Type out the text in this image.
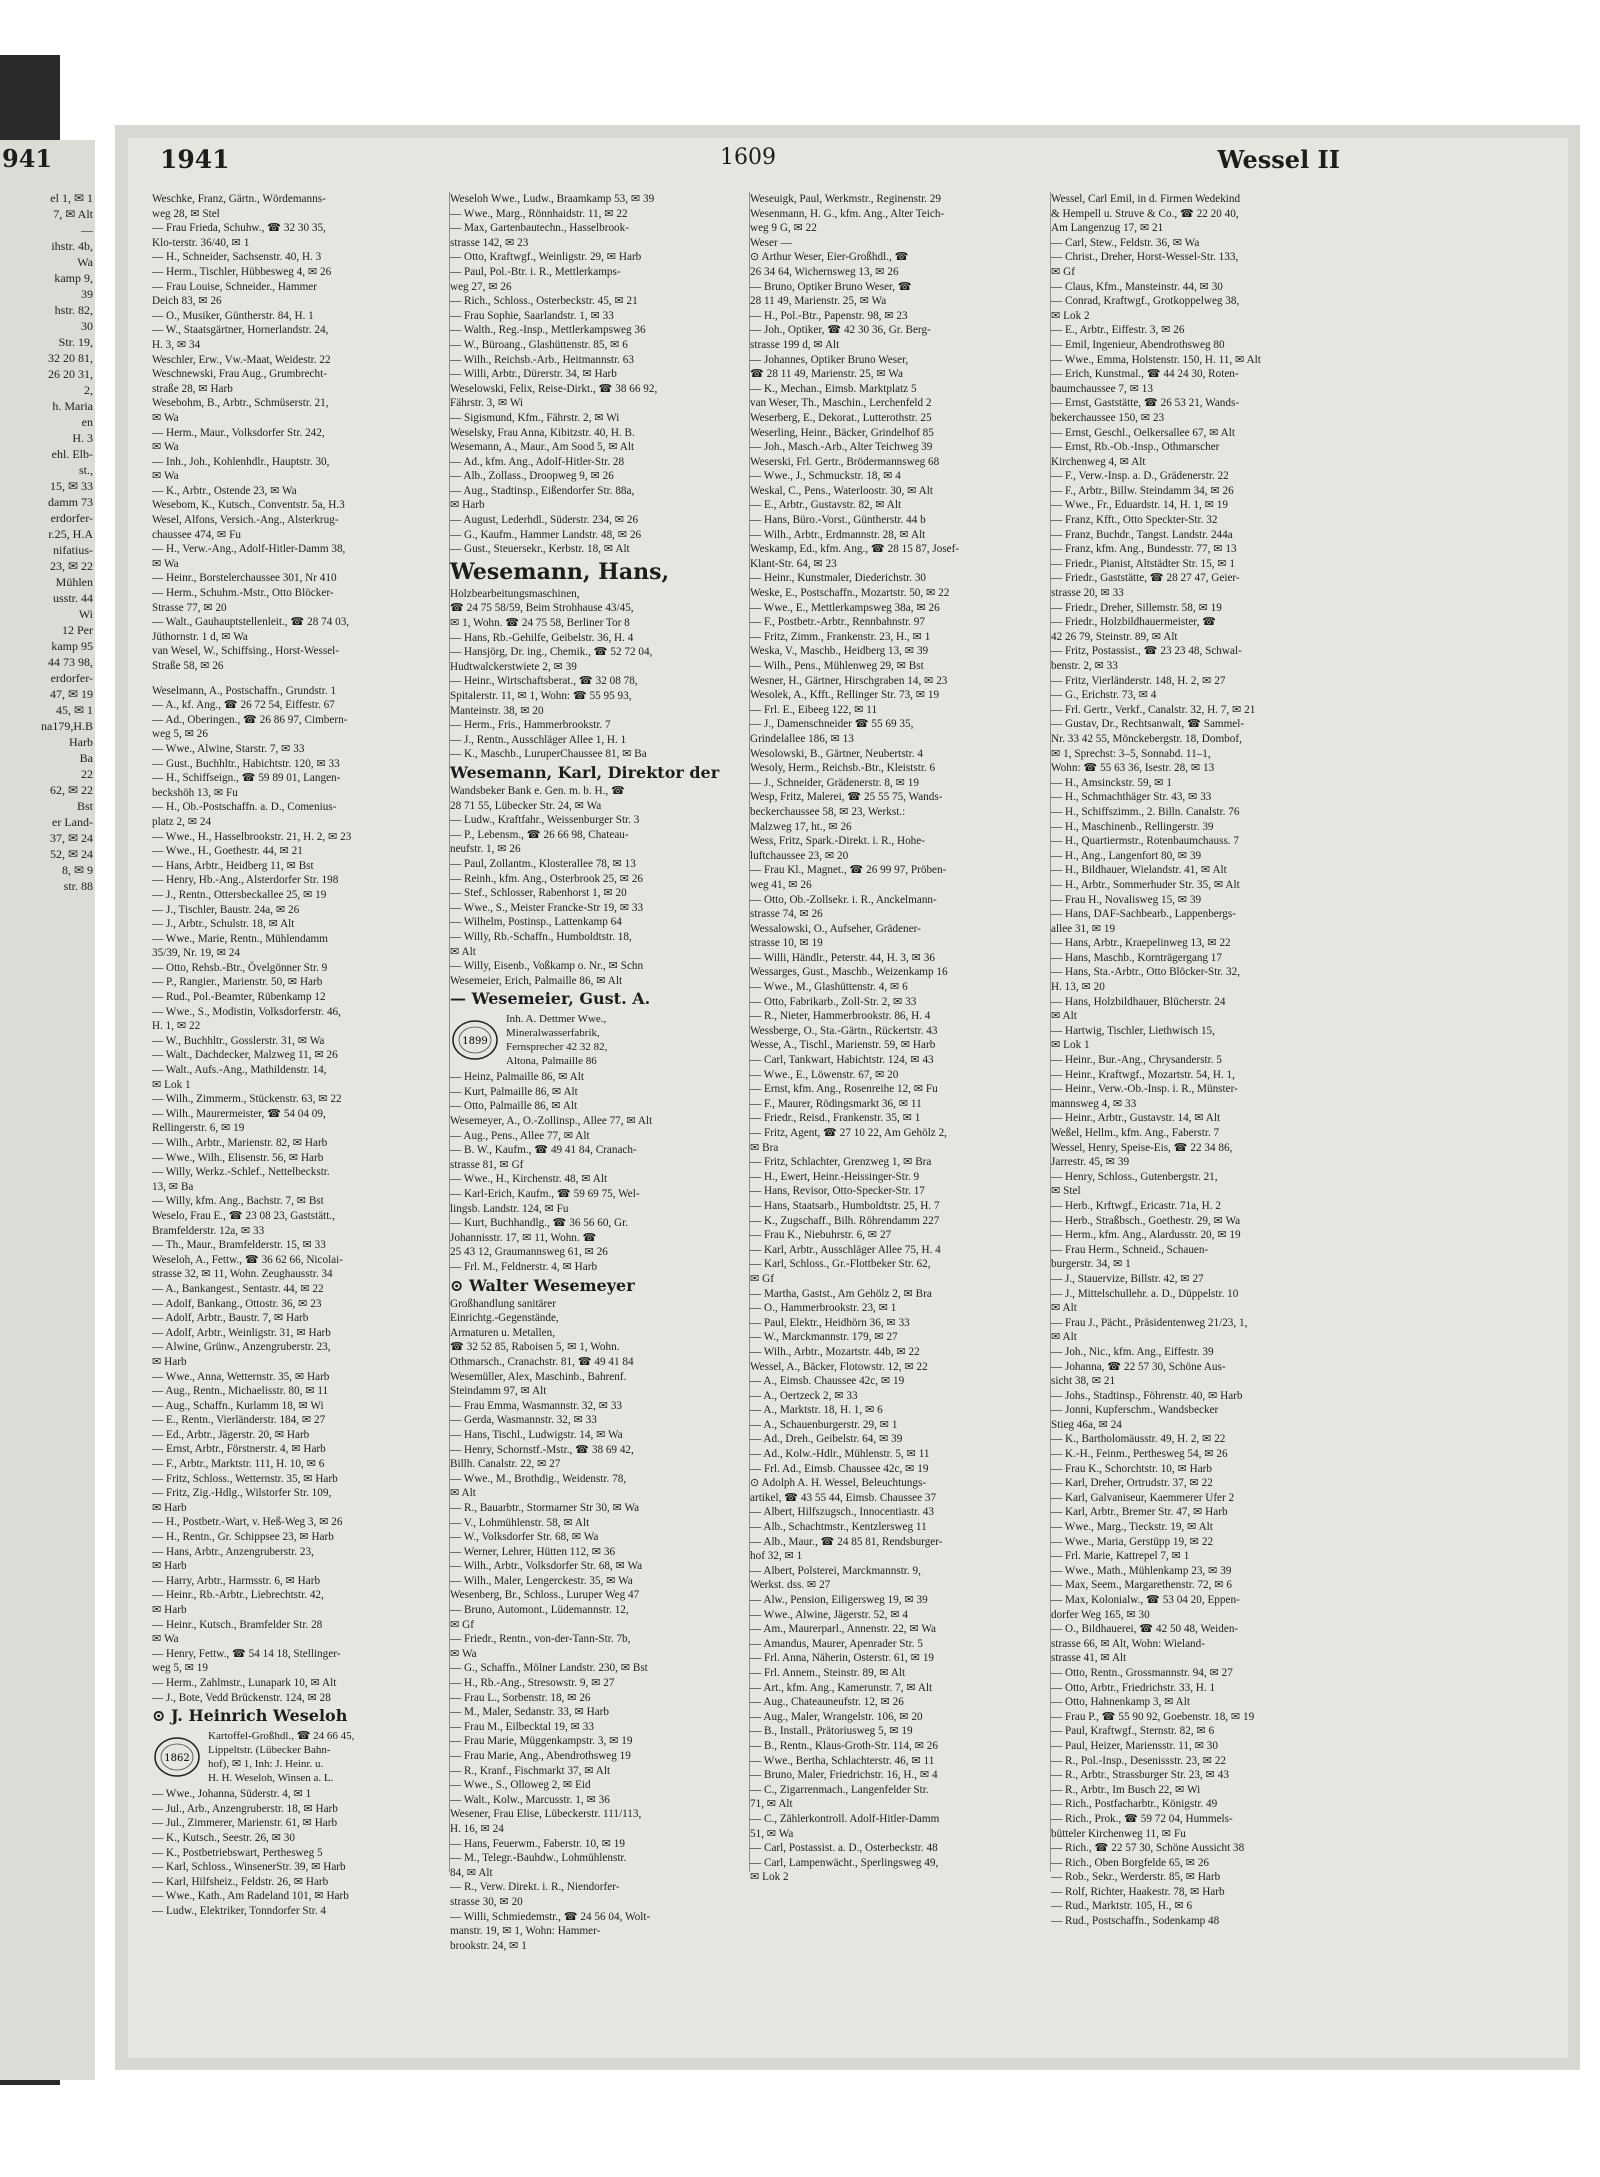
941
el 1, ✉ 1
7, ✉ Alt
—
ihstr. 4b,
Wa
kamp 9,
39
hstr. 82,
30
Str. 19,
32 20 81,
26 20 31,
2,
h. Maria
en
H. 3
ehl. Elb-
st.,
15, ✉ 33
damm 73
erdorfer-
r.25, H.A
nifatius-
23, ✉ 22
Mühlen
usstr. 44
Wi
12 Per
kamp 95
44 73 98,
erdorfer-
47, ✉ 19
45, ✉ 1
na179,H.B
Harb
Ba
22
62, ✉ 22
Bst
er Land-
37, ✉ 24
52, ✉ 24
8, ✉ 9
str. 88
1941	1609	Wessel II
Weschke, Franz, Gärtn., Wördemanns-
weg 28, ✉ Stel
— Frau Frieda, Schuhw., ☎ 32 30 35,
Klo-terstr. 36/40, ✉ 1
— H., Schneider, Sachsenstr. 40, H. 3
— Herm., Tischler, Hübbesweg 4, ✉ 26
— Frau Louise, Schneider., Hammer
Deich 83, ✉ 26
— O., Musiker, Güntherstr. 84, H. 1
— W., Staatsgärtner, Hornerlandstr. 24,
H. 3, ✉ 34
Weschler, Erw., Vw.-Maat, Weidestr. 22
Weschnewski, Frau Aug., Grumbrecht-
straße 28, ✉ Harb
Wesebohm, B., Arbtr., Schmüserstr. 21,
✉ Wa
— Herm., Maur., Volksdorfer Str. 242,
✉ Wa
— Inh., Joh., Kohlenhdlr., Hauptstr. 30,
✉ Wa
— K., Arbtr., Ostende 23, ✉ Wa
Wesebom, K., Kutsch., Conventstr. 5a, H.3
Wesel, Alfons, Versich.-Ang., Alsterkrug-
chaussee 474, ✉ Fu
— H., Verw.-Ang., Adolf-Hitler-Damm 38,
✉ Wa
— Heinr., Borstelerchaussee 301, Nr 410
— Herm., Schuhm.-Mstr., Otto Blöcker-
Strasse 77, ✉ 20
— Walt., Gauhauptstellenleit., ☎ 28 74 03,
Jüthornstr. 1 d, ✉ Wa
van Wesel, W., Schiffsing., Horst-Wessel-
Straße 58, ✉ 26
Weselmann, A., Postschaffn., Grundstr. 1
— A., kf. Ang., ☎ 26 72 54, Eiffestr. 67
— Ad., Oberingen., ☎ 26 86 97, Cimbern-
weg 5, ✉ 26
— Wwe., Alwine, Starstr. 7, ✉ 33
— Gust., Buchhltr., Habichtstr. 120, ✉ 33
— H., Schiffseign., ☎ 59 89 01, Langen-
beckshöh 13, ✉ Fu
— H., Ob.-Postschaffn. a. D., Comenius-
platz 2, ✉ 24
— Wwe., H., Hasselbrookstr. 21, H. 2, ✉ 23
— Wwe., H., Goethestr. 44, ✉ 21
— Hans, Arbtr., Heidberg 11, ✉ Bst
— Henry, Hb.-Ang., Alsterdorfer Str. 198
— J., Rentn., Ottersbeckallee 25, ✉ 19
— J., Tischler, Baustr. 24a, ✉ 26
— J., Arbtr., Schulstr. 18, ✉ Alt
— Wwe., Marie, Rentn., Mühlendamm
35/39, Nr. 19, ✉ 24
— Otto, Rehsb.-Btr., Övelgönner Str. 9
— P., Rangier., Marienstr. 50, ✉ Harb
— Rud., Pol.-Beamter, Rübenkamp 12
— Wwe., S., Modistin, Volksdorferstr. 46,
H. 1, ✉ 22
— W., Buchhltr., Gosslerstr. 31, ✉ Wa
— Walt., Dachdecker, Malzweg 11, ✉ 26
— Walt., Aufs.-Ang., Mathildenstr. 14,
✉ Lok 1
— Wilh., Zimmerm., Stückenstr. 63, ✉ 22
— Wilh., Maurermeister, ☎ 54 04 09,
Rellingerstr. 6, ✉ 19
— Wilh., Arbtr., Marienstr. 82, ✉ Harb
— Wwe., Wilh., Elisenstr. 56, ✉ Harb
— Willy, Werkz.-Schlef., Nettelbeckstr.
13, ✉ Ba
— Willy, kfm. Ang., Bachstr. 7, ✉ Bst
Weselo, Frau E., ☎ 23 08 23, Gaststätt.,
Bramfelderstr. 12a, ✉ 33
— Th., Maur., Bramfelderstr. 15, ✉ 33
Weseloh, A., Fettw., ☎ 36 62 66, Nicolai-
strasse 32, ✉ 11, Wohn. Zeughausstr. 34
— A., Bankangest., Sentastr. 44, ✉ 22
— Adolf, Bankang., Ottostr. 36, ✉ 23
— Adolf, Arbtr., Baustr. 7, ✉ Harb
— Adolf, Arbtr., Weinligstr. 31, ✉ Harb
— Alwine, Grünw., Anzengruberstr. 23,
✉ Harb
— Wwe., Anna, Wetternstr. 35, ✉ Harb
— Aug., Rentn., Michaelisstr. 80, ✉ 11
— Aug., Schaffn., Kurlamm 18, ✉ Wi
— E., Rentn., Vierländerstr. 184, ✉ 27
— Ed., Arbtr., Jägerstr. 20, ✉ Harb
— Ernst, Arbtr., Förstnerstr. 4, ✉ Harb
— F., Arbtr., Marktstr. 111, H. 10, ✉ 6
— Fritz, Schloss., Wetternstr. 35, ✉ Harb
— Fritz, Zig.-Hdlg., Wilstorfer Str. 109,
✉ Harb
— H., Postbetr.-Wart, v. Heß-Weg 3, ✉ 26
— H., Rentn., Gr. Schippsee 23, ✉ Harb
— Hans, Arbtr., Anzengruberstr. 23,
✉ Harb
— Harry, Arbtr., Harmsstr. 6, ✉ Harb
— Heinr., Rb.-Arbtr., Liebrechtstr. 42,
✉ Harb
— Heinr., Kutsch., Bramfelder Str. 28
✉ Wa
— Henry, Fettw., ☎ 54 14 18, Stellinger-
weg 5, ✉ 19
— Herm., Zahlmstr., Lunapark 10, ✉ Alt
— J., Bote, Vedd Brückenstr. 124, ✉ 28
⊙ J. Heinrich Weseloh
1862
Kartoffel-Großhdl., ☎ 24 66 45,
Lippeltstr. (Lübecker Bahn-
hof), ✉ 1, Inh: J. Heinr. u.
H. H. Weseloh, Winsen a. L.
— Wwe., Johanna, Süderstr. 4, ✉ 1
— Jul., Arb., Anzengruberstr. 18, ✉ Harb
— Jul., Zimmerer, Marienstr. 61, ✉ Harb
— K., Kutsch., Seestr. 26, ✉ 30
— K., Postbetriebswart, Perthesweg 5
— Karl, Schloss., WinsenerStr. 39, ✉ Harb
— Karl, Hilfsheiz., Feldstr. 26, ✉ Harb
— Wwe., Kath., Am Radeland 101, ✉ Harb
— Ludw., Elektriker, Tonndorfer Str. 4
Weseloh Wwe., Ludw., Braamkamp 53, ✉ 39
— Wwe., Marg., Rönnhaidstr. 11, ✉ 22
— Max, Gartenbautechn., Hasselbrook-
strasse 142, ✉ 23
— Otto, Kraftwgf., Weinligstr. 29, ✉ Harb
— Paul, Pol.-Btr. i. R., Mettlerkamps-
weg 27, ✉ 26
— Rich., Schloss., Osterbeckstr. 45, ✉ 21
— Frau Sophie, Saarlandstr. 1, ✉ 33
— Walth., Reg.-Insp., Mettlerkampsweg 36
— W., Büroang., Glashüttenstr. 85, ✉ 6
— Wilh., Reichsb.-Arb., Heitmannstr. 63
— Willi, Arbtr., Dürerstr. 34, ✉ Harb
Weselowski, Felix, Reise-Dirkt., ☎ 38 66 92,
Fährstr. 3, ✉ Wi
— Sigismund, Kfm., Fährstr. 2, ✉ Wi
Weselsky, Frau Anna, Kibitzstr. 40, H. B.
Wesemann, A., Maur., Am Sood 5, ✉ Alt
— Ad., kfm. Ang., Adolf-Hitler-Str. 28
— Alb., Zollass., Droopweg 9, ✉ 26
— Aug., Stadtinsp., Eißendorfer Str. 88a,
✉ Harb
— August, Lederhdl., Süderstr. 234, ✉ 26
— G., Kaufm., Hammer Landstr. 48, ✉ 26
— Gust., Steuersekr., Kerbstr. 18, ✉ Alt
Wesemann, Hans,
Holzbearbeitungsmaschinen,
☎ 24 75 58/59, Beim Strohhause 43/45,
✉ 1, Wohn. ☎ 24 75 58, Berliner Tor 8
— Hans, Rb.-Gehilfe, Geibelstr. 36, H. 4
— Hansjörg, Dr. ing., Chemik., ☎ 52 72 04,
Hudtwalckerstwiete 2, ✉ 39
— Heinr., Wirtschaftsberat., ☎ 32 08 78,
Spitalerstr. 11, ✉ 1, Wohn: ☎ 55 95 93,
Manteinstr. 38, ✉ 20
— Herm., Fris., Hammerbrookstr. 7
— J., Rentn., Ausschläger Allee 1, H. 1
— K., Maschb., LuruperChaussee 81, ✉ Ba
Wesemann, Karl, Direktor der
Wandsbeker Bank e. Gen. m. b. H., ☎
28 71 55, Lübecker Str. 24, ✉ Wa
— Ludw., Kraftfahr., Weissenburger Str. 3
— P., Lebensm., ☎ 26 66 98, Chateau-
neufstr. 1, ✉ 26
— Paul, Zollantm., Klosterallee 78, ✉ 13
— Reinh., kfm. Ang., Osterbrook 25, ✉ 26
— Stef., Schlosser, Rabenhorst 1, ✉ 20
— Wwe., S., Meister Francke-Str 19, ✉ 33
— Wilhelm, Postinsp., Lattenkamp 64
— Willy, Rb.-Schaffn., Humboldtstr. 18,
✉ Alt
— Willy, Eisenb., Voßkamp o. Nr., ✉ Schn
Wesemeier, Erich, Palmaille 86, ✉ Alt
— Wesemeier, Gust. A.
1899
Inh. A. Dettmer Wwe.,
Mineralwasserfabrik,
Fernsprecher 42 32 82,
Altona, Palmaille 86
— Heinz, Palmaille 86, ✉ Alt
— Kurt, Palmaille 86, ✉ Alt
— Otto, Palmaille 86, ✉ Alt
Wesemeyer, A., O.-Zollinsp., Allee 77, ✉ Alt
— Aug., Pens., Allee 77, ✉ Alt
— B. W., Kaufm., ☎ 49 41 84, Cranach-
strasse 81, ✉ Gf
— Wwe., H., Kirchenstr. 48, ✉ Alt
— Karl-Erich, Kaufm., ☎ 59 69 75, Wel-
lingsb. Landstr. 124, ✉ Fu
— Kurt, Buchhandlg., ☎ 36 56 60, Gr.
Johannisstr. 17, ✉ 11, Wohn. ☎
25 43 12, Graumannsweg 61, ✉ 26
— Frl. M., Feldnerstr. 4, ✉ Harb
⊙ Walter Wesemeyer
Großhandlung sanitärer
Einrichtg.-Gegenstände,
Armaturen u. Metallen,
☎ 32 52 85, Raboisen 5, ✉ 1, Wohn.
Othmarsch., Cranachstr. 81, ☎ 49 41 84
Wesemüller, Alex, Maschinb., Bahrenf.
Steindamm 97, ✉ Alt
— Frau Emma, Wasmannstr. 32, ✉ 33
— Gerda, Wasmannstr. 32, ✉ 33
— Hans, Tischl., Ludwigstr. 14, ✉ Wa
— Henry, Schornstf.-Mstr., ☎ 38 69 42,
Billh. Canalstr. 22, ✉ 27
— Wwe., M., Brothdig., Weidenstr. 78,
✉ Alt
— R., Bauarbtr., Stormarner Str 30, ✉ Wa
— V., Lohmühlenstr. 58, ✉ Alt
— W., Volksdorfer Str. 68, ✉ Wa
— Werner, Lehrer, Hütten 112, ✉ 36
— Wilh., Arbtr., Volksdorfer Str. 68, ✉ Wa
— Wilh., Maler, Lengerckestr. 35, ✉ Wa
Wesenberg, Br., Schloss., Luruper Weg 47
— Bruno, Automont., Lüdemannstr. 12,
✉ Gf
— Friedr., Rentn., von-der-Tann-Str. 7b,
✉ Wa
— G., Schaffn., Mölner Landstr. 230, ✉ Bst
— H., Rb.-Ang., Stresowstr. 9, ✉ 27
— Frau L., Sorbenstr. 18, ✉ 26
— M., Maler, Sedanstr. 33, ✉ Harb
— Frau M., Eilbecktal 19, ✉ 33
— Frau Marie, Müggenkampstr. 3, ✉ 19
— Frau Marie, Ang., Abendrothsweg 19
— R., Kranf., Fischmarkt 37, ✉ Alt
— Wwe., S., Olloweg 2, ✉ Eid
— Walt., Kolw., Marcusstr. 1, ✉ 36
Wesener, Frau Elise, Lübeckerstr. 111/113,
H. 16, ✉ 24
— Hans, Feuerwm., Faberstr. 10, ✉ 19
— M., Telegr.-Bauhdw., Lohmühlenstr.
84, ✉ Alt
— R., Verw. Direkt. i. R., Niendorfer-
strasse 30, ✉ 20
— Willi, Schmiedemstr., ☎ 24 56 04, Wolt-
manstr. 19, ✉ 1, Wohn: Hammer-
brookstr. 24, ✉ 1
Weseuigk, Paul, Werkmstr., Reginenstr. 29
Wesenmann, H. G., kfm. Ang., Alter Teich-
weg 9 G, ✉ 22
Weser —
⊙ Arthur Weser, Eier-Großhdl., ☎
26 34 64, Wichernsweg 13, ✉ 26
— Bruno, Optiker Bruno Weser, ☎
28 11 49, Marienstr. 25, ✉ Wa
— H., Pol.-Btr., Papenstr. 98, ✉ 23
— Joh., Optiker, ☎ 42 30 36, Gr. Berg-
strasse 199 d, ✉ Alt
— Johannes, Optiker Bruno Weser,
☎ 28 11 49, Marienstr. 25, ✉ Wa
— K., Mechan., Eimsb. Marktplatz 5
van Weser, Th., Maschin., Lerchenfeld 2
Weserberg, E., Dekorat., Lutterothstr. 25
Weserling, Heinr., Bäcker, Grindelhof 85
— Joh., Masch.-Arb., Alter Teichweg 39
Weserski, Frl. Gertr., Brödermannsweg 68
— Wwe., J., Schmuckstr. 18, ✉ 4
Weskal, C., Pens., Waterloostr. 30, ✉ Alt
— E., Arbtr., Gustavstr. 82, ✉ Alt
— Hans, Büro.-Vorst., Güntherstr. 44 b
— Wilh., Arbtr., Erdmannstr. 28, ✉ Alt
Weskamp, Ed., kfm. Ang., ☎ 28 15 87, Josef-
Klant-Str. 64, ✉ 23
— Heinr., Kunstmaler, Diederichstr. 30
Weske, E., Postschaffn., Mozartstr. 50, ✉ 22
— Wwe., E., Mettlerkampsweg 38a, ✉ 26
— F., Postbetr.-Arbtr., Rennbahnstr. 97
— Fritz, Zimm., Frankenstr. 23, H., ✉ 1
Weska, V., Maschb., Heidberg 13, ✉ 39
— Wilh., Pens., Mühlenweg 29, ✉ Bst
Wesner, H., Gärtner, Hirschgraben 14, ✉ 23
Wesolek, A., Kfft., Rellinger Str. 73, ✉ 19
— Frl. E., Eibeeg 122, ✉ 11
— J., Damenschneider ☎ 55 69 35,
Grindelallee 186, ✉ 13
Wesolowski, B., Gärtner, Neubertstr. 4
Wesoly, Herm., Reichsb.-Btr., Kleiststr. 6
— J., Schneider, Grädenerstr. 8, ✉ 19
Wesp, Fritz, Malerei, ☎ 25 55 75, Wands-
beckerchaussee 58, ✉ 23, Werkst.:
Malzweg 17, ht., ✉ 26
Wess, Fritz, Spark.-Direkt. i. R., Hohe-
luftchaussee 23, ✉ 20
— Frau Kl., Magnet., ☎ 26 99 97, Pröben-
weg 41, ✉ 26
— Otto, Ob.-Zollsekr. i. R., Anckelmann-
strasse 74, ✉ 26
Wessalowski, O., Aufseher, Grädener-
strasse 10, ✉ 19
— Willi, Händlr., Peterstr. 44, H. 3, ✉ 36
Wessarges, Gust., Maschb., Weizenkamp 16
— Wwe., M., Glashüttenstr. 4, ✉ 6
— Otto, Fabrikarb., Zoll-Str. 2, ✉ 33
— R., Nieter, Hammerbrookstr. 86, H. 4
Wessberge, O., Sta.-Gärtn., Rückertstr. 43
Wesse, A., Tischl., Marienstr. 59, ✉ Harb
— Carl, Tankwart, Habichtstr. 124, ✉ 43
— Wwe., E., Löwenstr. 67, ✉ 20
— Ernst, kfm. Ang., Rosenreihe 12, ✉ Fu
— F., Maurer, Rödingsmarkt 36, ✉ 11
— Friedr., Reisd., Frankenstr. 35, ✉ 1
— Fritz, Agent, ☎ 27 10 22, Am Gehölz 2,
✉ Bra
— Fritz, Schlachter, Grenzweg 1, ✉ Bra
— H., Ewert, Heinr.-Heissinger-Str. 9
— Hans, Revisor, Otto-Specker-Str. 17
— Hans, Staatsarb., Humboldtstr. 25, H. 7
— K., Zugschaff., Bilh. Röhrendamm 227
— Frau K., Niebuhrstr. 6, ✉ 27
— Karl, Arbtr., Ausschläger Allee 75, H. 4
— Karl, Schloss., Gr.-Flottbeker Str. 62,
✉ Gf
— Martha, Gastst., Am Gehölz 2, ✉ Bra
— O., Hammerbrookstr. 23, ✉ 1
— Paul, Elektr., Heidhörn 36, ✉ 33
— W., Marckmannstr. 179, ✉ 27
— Wilh., Arbtr., Mozartstr. 44b, ✉ 22
Wessel, A., Bäcker, Flotowstr. 12, ✉ 22
— A., Eimsb. Chaussee 42c, ✉ 19
— A., Oertzeck 2, ✉ 33
— A., Marktstr. 18, H. 1, ✉ 6
— A., Schauenburgerstr. 29, ✉ 1
— Ad., Dreh., Geibelstr. 64, ✉ 39
— Ad., Kolw.-Hdlr., Mühlenstr. 5, ✉ 11
— Frl. Ad., Eimsb. Chaussee 42c, ✉ 19
⊙ Adolph A. H. Wessel, Beleuchtungs-
artikel, ☎ 43 55 44, Eimsb. Chaussee 37
— Albert, Hilfszugsch., Innocentiastr. 43
— Alb., Schachtmstr., Kentzlersweg 11
— Alb., Maur., ☎ 24 85 81, Rendsburger-
hof 32, ✉ 1
— Albert, Polsterei, Marckmannstr. 9,
Werkst. dss. ✉ 27
— Alw., Pension, Eiligersweg 19, ✉ 39
— Wwe., Alwine, Jägerstr. 52, ✉ 4
— Am., Maurerparl., Annenstr. 22, ✉ Wa
— Amandus, Maurer, Apenrader Str. 5
— Frl. Anna, Näherin, Osterstr. 61, ✉ 19
— Frl. Annem., Steinstr. 89, ✉ Alt
— Art., kfm. Ang., Kamerunstr. 7, ✉ Alt
— Aug., Chateauneufstr. 12, ✉ 26
— Aug., Maler, Wrangelstr. 106, ✉ 20
— B., Install., Prätoriusweg 5, ✉ 19
— B., Rentn., Klaus-Groth-Str. 114, ✉ 26
— Wwe., Bertha, Schlachterstr. 46, ✉ 11
— Bruno, Maler, Friedrichstr. 16, H., ✉ 4
— C., Zigarrenmach., Langenfelder Str.
71, ✉ Alt
— C., Zählerkontroll. Adolf-Hitler-Damm
51, ✉ Wa
— Carl, Postassist. a. D., Osterbeckstr. 48
— Carl, Lampenwächt., Sperlingsweg 49,
✉ Lok 2
Wessel, Carl Emil, in d. Firmen Wedekind
& Hempell u. Struve & Co., ☎ 22 20 40,
Am Langenzug 17, ✉ 21
— Carl, Stew., Feldstr. 36, ✉ Wa
— Christ., Dreher, Horst-Wessel-Str. 133,
✉ Gf
— Claus, Kfm., Mansteinstr. 44, ✉ 30
— Conrad, Kraftwgf., Grotkoppelweg 38,
✉ Lok 2
— E., Arbtr., Eiffestr. 3, ✉ 26
— Emil, Ingenieur, Abendrothsweg 80
— Wwe., Emma, Holstenstr. 150, H. 11, ✉ Alt
— Erich, Kunstmal., ☎ 44 24 30, Roten-
baumchaussee 7, ✉ 13
— Ernst, Gaststätte, ☎ 26 53 21, Wands-
bekerchaussee 150, ✉ 23
— Ernst, Geschl., Oelkersallee 67, ✉ Alt
— Ernst, Rb.-Ob.-Insp., Othmarscher
Kirchenweg 4, ✉ Alt
— F., Verw.-Insp. a. D., Grädenerstr. 22
— F., Arbtr., Billw. Steindamm 34, ✉ 26
— Wwe., Fr., Eduardstr. 14, H. 1, ✉ 19
— Franz, Kfft., Otto Speckter-Str. 32
— Franz, Buchdr., Tangst. Landstr. 244a
— Franz, kfm. Ang., Bundesstr. 77, ✉ 13
— Friedr., Pianist, Altstädter Str. 15, ✉ 1
— Friedr., Gaststätte, ☎ 28 27 47, Geier-
strasse 20, ✉ 33
— Friedr., Dreher, Sillemstr. 58, ✉ 19
— Friedr., Holzbildhauermeister, ☎
42 26 79, Steinstr. 89, ✉ Alt
— Fritz, Postassist., ☎ 23 23 48, Schwal-
benstr. 2, ✉ 33
— Fritz, Vierländerstr. 148, H. 2, ✉ 27
— G., Erichstr. 73, ✉ 4
— Frl. Gertr., Verkf., Canalstr. 32, H. 7, ✉ 21
— Gustav, Dr., Rechtsanwalt, ☎ Sammel-
Nr. 33 42 55, Mönckebergstr. 18, Dombof,
✉ 1, Sprechst: 3–5, Sonnabd. 11–1,
Wohn: ☎ 55 63 36, Isestr. 28, ✉ 13
— H., Amsinckstr. 59, ✉ 1
— H., Schmachthäger Str. 43, ✉ 33
— H., Schiffszimm., 2. Billn. Canalstr. 76
— H., Maschinenb., Rellingerstr. 39
— H., Quartiermstr., Rotenbaumchauss. 7
— H., Ang., Langenfort 80, ✉ 39
— H., Bildhauer, Wielandstr. 41, ✉ Alt
— H., Arbtr., Sommerhuder Str. 35, ✉ Alt
— Frau H., Novalisweg 15, ✉ 39
— Hans, DAF-Sachbearb., Lappenbergs-
allee 31, ✉ 19
— Hans, Arbtr., Kraepelinweg 13, ✉ 22
— Hans, Maschb., Kornträgergang 17
— Hans, Sta.-Arbtr., Otto Blöcker-Str. 32,
H. 13, ✉ 20
— Hans, Holzbildhauer, Blücherstr. 24
✉ Alt
— Hartwig, Tischler, Liethwisch 15,
✉ Lok 1
— Heinr., Bur.-Ang., Chrysanderstr. 5
— Heinr., Kraftwgf., Mozartstr. 54, H. 1,
— Heinr., Verw.-Ob.-Insp. i. R., Münster-
mannsweg 4, ✉ 33
— Heinr., Arbtr., Gustavstr. 14, ✉ Alt
Weßel, Hellm., kfm. Ang., Faberstr. 7
Wessel, Henry, Speise-Eis, ☎ 22 34 86,
Jarrestr. 45, ✉ 39
— Henry, Schloss., Gutenbergstr. 21,
✉ Stel
— Herb., Krftwgf., Ericastr. 71a, H. 2
— Herb., Straßbsch., Goethestr. 29, ✉ Wa
— Herm., kfm. Ang., Alardusstr. 20, ✉ 19
— Frau Herm., Schneid., Schauen-
burgerstr. 34, ✉ 1
— J., Stauervize, Billstr. 42, ✉ 27
— J., Mittelschullehr. a. D., Düppelstr. 10
✉ Alt
— Frau J., Pächt., Präsidentenweg 21/23, 1,
✉ Alt
— Joh., Nic., kfm. Ang., Eiffestr. 39
— Johanna, ☎ 22 57 30, Schöne Aus-
sicht 38, ✉ 21
— Johs., Stadtinsp., Föhrenstr. 40, ✉ Harb
— Jonni, Kupferschm., Wandsbecker
Stieg 46a, ✉ 24
— K., Bartholomäusstr. 49, H. 2, ✉ 22
— K.-H., Feinm., Perthesweg 54, ✉ 26
— Frau K., Schorchtstr. 10, ✉ Harb
— Karl, Dreher, Ortrudstr. 37, ✉ 22
— Karl, Galvaniseur, Kaemmerer Ufer 2
— Karl, Arbtr., Bremer Str. 47, ✉ Harb
— Wwe., Marg., Tieckstr. 19, ✉ Alt
— Wwe., Maria, Gerstüpp 19, ✉ 22
— Frl. Marie, Kattrepel 7, ✉ 1
— Wwe., Math., Mühlenkamp 23, ✉ 39
— Max, Seem., Margarethenstr. 72, ✉ 6
— Max, Kolonialw., ☎ 53 04 20, Eppen-
dorfer Weg 165, ✉ 30
— O., Bildhauerei, ☎ 42 50 48, Weiden-
strasse 66, ✉ Alt, Wohn: Wieland-
strasse 41, ✉ Alt
— Otto, Rentn., Grossmannstr. 94, ✉ 27
— Otto, Arbtr., Friedrichstr. 33, H. 1
— Otto, Hahnenkamp 3, ✉ Alt
— Frau P., ☎ 55 90 92, Goebenstr. 18, ✉ 19
— Paul, Kraftwgf., Sternstr. 82, ✉ 6
— Paul, Heizer, Mariensstr. 11, ✉ 30
— R., Pol.-Insp., Desenissstr. 23, ✉ 22
— R., Arbtr., Strassburger Str. 23, ✉ 43
— R., Arbtr., Im Busch 22, ✉ Wi
— Rich., Postfacharbtr., Königstr. 49
— Rich., Prok., ☎ 59 72 04, Hummels-
bütteler Kirchenweg 11, ✉ Fu
— Rich., ☎ 22 57 30, Schöne Aussicht 38
— Rich., Oben Borgfelde 65, ✉ 26
— Rob., Sekr., Werderstr. 85, ✉ Harb
— Rolf, Richter, Haakestr. 78, ✉ Harb
— Rud., Marktstr. 105, H., ✉ 6
— Rud., Postschaffn., Sodenkamp 48
